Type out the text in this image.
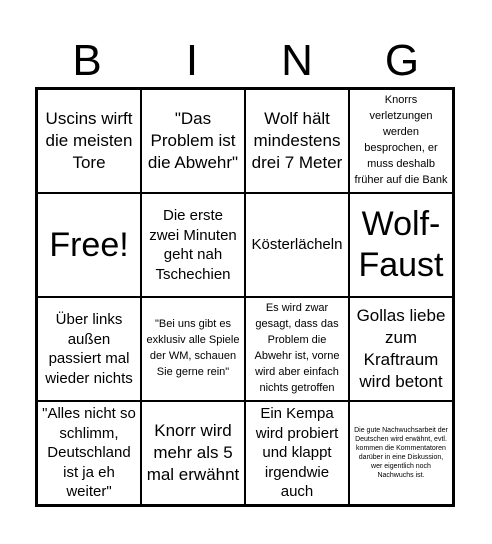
B	I	N	G
Uscins wirft die meisten Tore
"Das Problem ist die Abwehr"
Wolf hält mindestens drei 7 Meter
Knorrs verletzungen werden besprochen, er muss deshalb früher auf die Bank
Free!
Die erste zwei Minuten geht nah Tschechien
Kösterlächeln
Wolf-Faust
Über links außen passiert mal wieder nichts
"Bei uns gibt es exklusiv alle Spiele der WM, schauen Sie gerne rein"
Es wird zwar gesagt, dass das Problem die Abwehr ist, vorne wird aber einfach nichts getroffen
Gollas liebe zum Kraftraum wird betont
"Alles nicht so schlimm, Deutschland ist ja eh weiter"
Knorr wird mehr als 5 mal erwähnt
Ein Kempa wird probiert und klappt irgendwie auch
Die gute Nachwuchsarbeit der Deutschen wird erwähnt, evtl. kommen die Kommentatoren darüber in eine Diskussion, wer eigentlich noch Nachwuchs ist.
